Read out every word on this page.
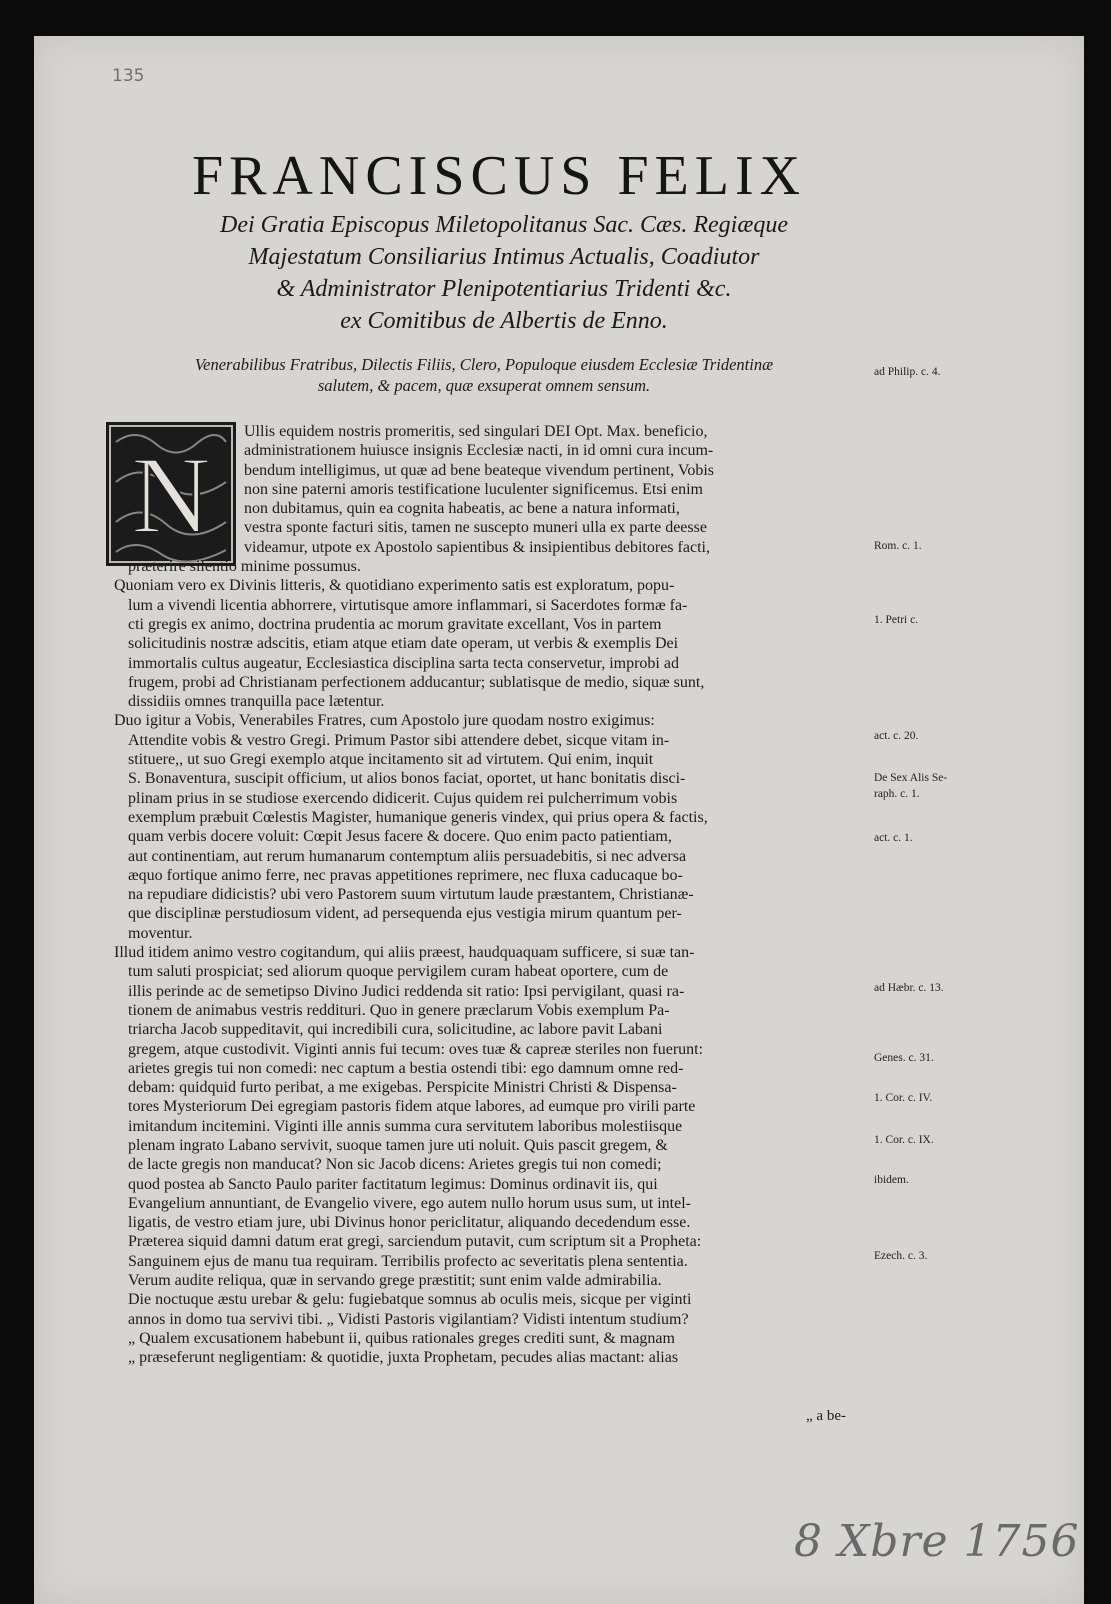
135
FRANCISCUS FELIX
Dei Gratia Episcopus Miletopolitanus Sac. Cæs. Regiæque
Majestatum Consiliarius Intimus Actualis, Coadiutor
& Administrator Plenipotentiarius Tridenti &c.
ex Comitibus de Albertis de Enno.
Venerabilibus Fratribus, Dilectis Filiis, Clero, Populoque eiusdem Ecclesiæ Tridentinæ
salutem, & pacem, quæ exsuperat omnem sensum.
N
Ullis equidem nostris promeritis, sed singulari DEI Opt. Max. beneficio,
administrationem huiusce insignis Ecclesiæ nacti, in id omni cura incum-
bendum intelligimus, ut quæ ad bene beateque vivendum pertinent, Vobis
non sine paterni amoris testificatione luculenter significemus. Etsi enim
non dubitamus, quin ea cognita habeatis, ac bene a natura informati,
vestra sponte facturi sitis, tamen ne suscepto muneri ulla ex parte deesse
videamur, utpote ex Apostolo sapientibus & insipientibus debitores facti,
præterire silentio minime possumus.
Quoniam vero ex Divinis litteris, & quotidiano experimento satis est exploratum, popu-
lum a vivendi licentia abhorrere, virtutisque amore inflammari, si Sacerdotes formæ fa-
cti gregis ex animo, doctrina prudentia ac morum gravitate excellant, Vos in partem
solicitudinis nostræ adscitis, etiam atque etiam date operam, ut verbis & exemplis Dei
immortalis cultus augeatur, Ecclesiastica disciplina sarta tecta conservetur, improbi ad
frugem, probi ad Christianam perfectionem adducantur; sublatisque de medio, siquæ sunt,
dissidiis omnes tranquilla pace lætentur.
Duo igitur a Vobis, Venerabiles Fratres, cum Apostolo jure quodam nostro exigimus:
Attendite vobis & vestro Gregi. Primum Pastor sibi attendere debet, sicque vitam in-
stituere,, ut suo Gregi exemplo atque incitamento sit ad virtutem. Qui enim, inquit
S. Bonaventura, suscipit officium, ut alios bonos faciat, oportet, ut hanc bonitatis disci-
plinam prius in se studiose exercendo didicerit. Cujus quidem rei pulcherrimum vobis
exemplum præbuit Cœlestis Magister, humanique generis vindex, qui prius opera & factis,
quam verbis docere voluit: Cœpit Jesus facere & docere. Quo enim pacto patientiam,
aut continentiam, aut rerum humanarum contemptum aliis persuadebitis, si nec adversa
æquo fortique animo ferre, nec pravas appetitiones reprimere, nec fluxa caducaque bo-
na repudiare didicistis? ubi vero Pastorem suum virtutum laude præstantem, Christianæ-
que disciplinæ perstudiosum vident, ad persequenda ejus vestigia mirum quantum per-
moventur.
Illud itidem animo vestro cogitandum, qui aliis præest, haudquaquam sufficere, si suæ tan-
tum saluti prospiciat; sed aliorum quoque pervigilem curam habeat oportere, cum de
illis perinde ac de semetipso Divino Judici reddenda sit ratio: Ipsi pervigilant, quasi ra-
tionem de animabus vestris reddituri. Quo in genere præclarum Vobis exemplum Pa-
triarcha Jacob suppeditavit, qui incredibili cura, solicitudine, ac labore pavit Labani
gregem, atque custodivit. Viginti annis fui tecum: oves tuæ & capreæ steriles non fuerunt:
arietes gregis tui non comedi: nec captum a bestia ostendi tibi: ego damnum omne red-
debam: quidquid furto peribat, a me exigebas. Perspicite Ministri Christi & Dispensa-
tores Mysteriorum Dei egregiam pastoris fidem atque labores, ad eumque pro virili parte
imitandum incitemini. Viginti ille annis summa cura servitutem laboribus molestiisque
plenam ingrato Labano servivit, suoque tamen jure uti noluit. Quis pascit gregem, &
de lacte gregis non manducat? Non sic Jacob dicens: Arietes gregis tui non comedi;
quod postea ab Sancto Paulo pariter factitatum legimus: Dominus ordinavit iis, qui
Evangelium annuntiant, de Evangelio vivere, ego autem nullo horum usus sum, ut intel-
ligatis, de vestro etiam jure, ubi Divinus honor periclitatur, aliquando decedendum esse.
Præterea siquid damni datum erat gregi, sarciendum putavit, cum scriptum sit a Propheta:
Sanguinem ejus de manu tua requiram. Terribilis profecto ac severitatis plena sententia.
Verum audite reliqua, quæ in servando grege præstitit; sunt enim valde admirabilia.
Die noctuque æstu urebar & gelu: fugiebatque somnus ab oculis meis, sicque per viginti
annos in domo tua servivi tibi. „ Vidisti Pastoris vigilantiam? Vidisti intentum studium?
„ Qualem excusationem habebunt ii, quibus rationales greges crediti sunt, & magnam
„ præseferunt negligentiam: & quotidie, juxta Prophetam, pecudes alias mactant: alias
„ a be-
ad Philip. c. 4.
Rom. c. 1.
1. Petri c.
act. c. 20.
De Sex Alis Se-
raph. c. 1.
act. c. 1.
ad Hæbr. c. 13.
Genes. c. 31.
1. Cor. c. IV.
1. Cor. c. IX.
ibidem.
Ezech. c. 3.
8 Xbre 1756
